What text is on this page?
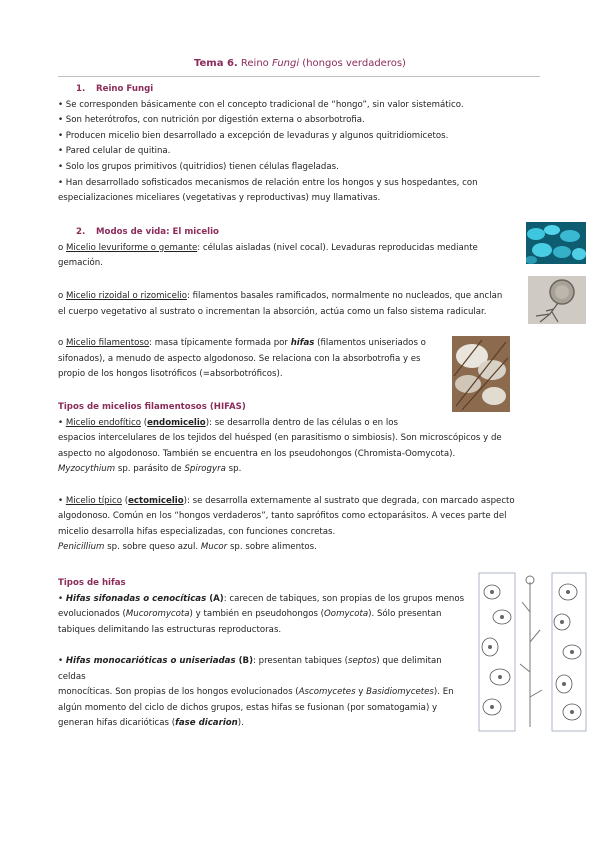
Tema 6. Reino Fungi (hongos verdaderos)

1. Reino Fungi

• Se corresponden básicamente con el concepto tradicional de “hongo”, sin valor sistemático.

• Son heterótrofos, con nutrición por digestión externa o absorbotrofia.

• Producen micelio bien desarrollado a excepción de levaduras y algunos quitridiomicetos.

• Pared celular de quitina.

• Solo los grupos primitivos (quitridios) tienen células flageladas.

• Han desarrollado sofisticados mecanismos de relación entre los hongos y sus hospedantes, con

especializaciones miceliares (vegetativas y reproductivas) muy llamativas.

2. Modos de vida: El micelio

o Micelio levuriforme o gemante: células aisladas (nivel cocal). Levaduras reproducidas mediante

gemación.

o Micelio rizoidal o rizomicelio: filamentos basales ramificados, normalmente no nucleados, que anclan

el cuerpo vegetativo al sustrato o incrementan la absorción, actúa como un falso sistema radicular.

o Micelio filamentoso: masa típicamente formada por hifas (filamentos uniseriados o

sifonados), a menudo de aspecto algodonoso. Se relaciona con la absorbotrofia y es

propio de los hongos lisotróficos (=absorbotróficos).

Tipos de micelios filamentosos (HIFAS)

• Micelio endofítico (endomicelio): se desarrolla dentro de las células o en los

espacios intercelulares de los tejidos del huésped (en parasitismo o simbiosis). Son microscópicos y de

aspecto no algodonoso. También se encuentra en los pseudohongos (Chromista-Oomycota).

Myzocythium sp. parásito de Spirogyra sp.

• Micelio típico (ectomicelio): se desarrolla externamente al sustrato que degrada, con marcado aspecto

algodonoso. Común en los “hongos verdaderos”, tanto saprófitos como ectoparásitos. A veces parte del

micelio desarrolla hifas especializadas, con funciones concretas.

Penicillium sp. sobre queso azul. Mucor sp. sobre alimentos.

Tipos de hifas

• Hifas sifonadas o cenocíticas (A): carecen de tabiques, son propias de los grupos menos

evolucionados (Mucoromycota) y también en pseudohongos (Oomycota). Sólo presentan

tabiques delimitando las estructuras reproductoras.

• Hifas monocarióticas o uniseriadas (B): presentan tabiques (septos) que delimitan celdas

monocíticas. Son propias de los hongos evolucionados (Ascomycetes y Basidiomycetes). En

algún momento del ciclo de dichos grupos, estas hifas se fusionan (por somatogamia) y

generan hifas dicarióticas (fase dicarion).
